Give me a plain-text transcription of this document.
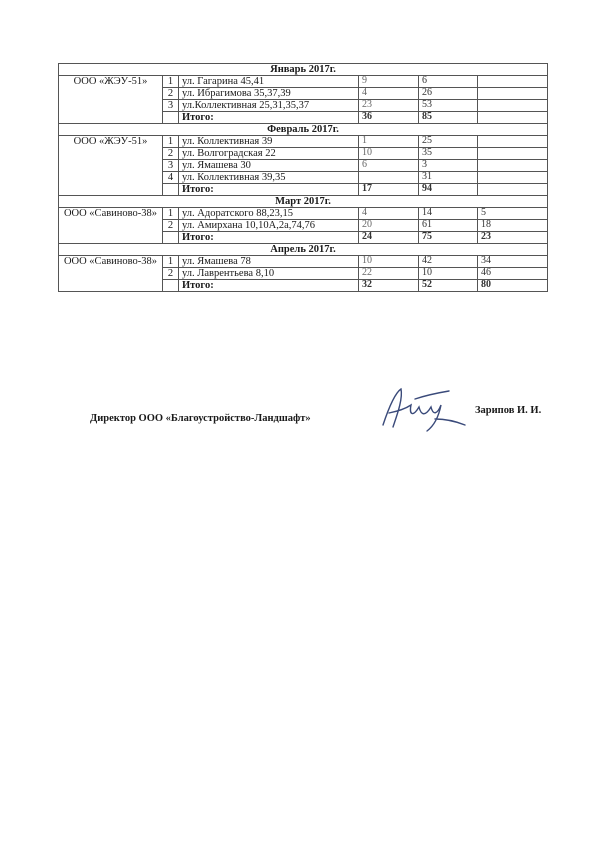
Январь 2017г.					
ООО «ЖЭУ-51»	1	ул. Гагарина 45,41	9	6	
	2	ул. Ибрагимова 35,37,39	4	26	
	3	ул.Коллективная 25,31,35,37	23	53	
		Итого:	36	85	
Февраль 2017г.					
ООО «ЖЭУ-51»	1	ул. Коллективная 39	1	25	
	2	ул. Волгоградская 22	10	35	
	3	ул. Ямашева 30	6	3	
	4	ул. Коллективная 39,35		31	
		Итого:	17	94	
Март 2017г.					
ООО «Савиново-38»	1	ул. Адоратского 88,23,15	4	14	5
	2	ул. Амирхана 10,10А,2а,74,76	20	61	18
		Итого:	24	75	23
Апрель 2017г.					
ООО «Савиново-38»	1	ул. Ямашева 78	10	42	34
	2	ул. Лаврентьева 8,10	22	10	46
		Итого:	32	52	80
Директор ООО «Благоустройство-Ландшафт»
Зарипов И. И.
